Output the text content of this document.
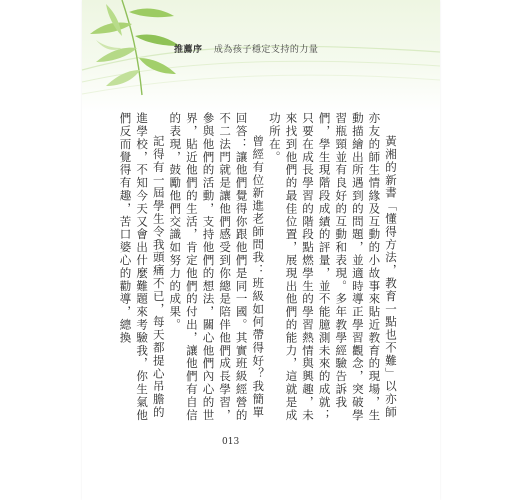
推薦序 成為孩子穩定支持的力量

黃湘的新書「懂得方法，教育一點也不難」以亦師亦友的師生情緣及互動的小故事來貼近教育的現場，生動描繪出所遇到的問題，並適時導正學習觀念，突破學習瓶頸並有良好的互動和表現。多年教學經驗告訴我們，學生現階段成績的評量，並不能臆測未來的成就；只要在成長學習的階段點燃學生的學習熱情與興趣，未來找到他們的最佳位置，展現出他們的能力，這就是成功所在。

曾經有位新進老師問我：班級如何帶得好？我簡單回答：讓他們覺得你跟他們是同一國。其實班級經營的不二法門就是讓他們感受到你總是陪伴他們成長學習，參與他們的活動，支持他們的想法，關心他們內心的世界，貼近他們的生活，肯定他們的付出，讓他們有自信的表現，鼓勵他們交識如努力的成果。

記得有一屆學生令我頭痛不已，每天都提心吊膽的進學校，不知今天又會出什麼難題來考驗我，你生氣他們反而覺得有趣，苦口婆心的勸導，總換

013
